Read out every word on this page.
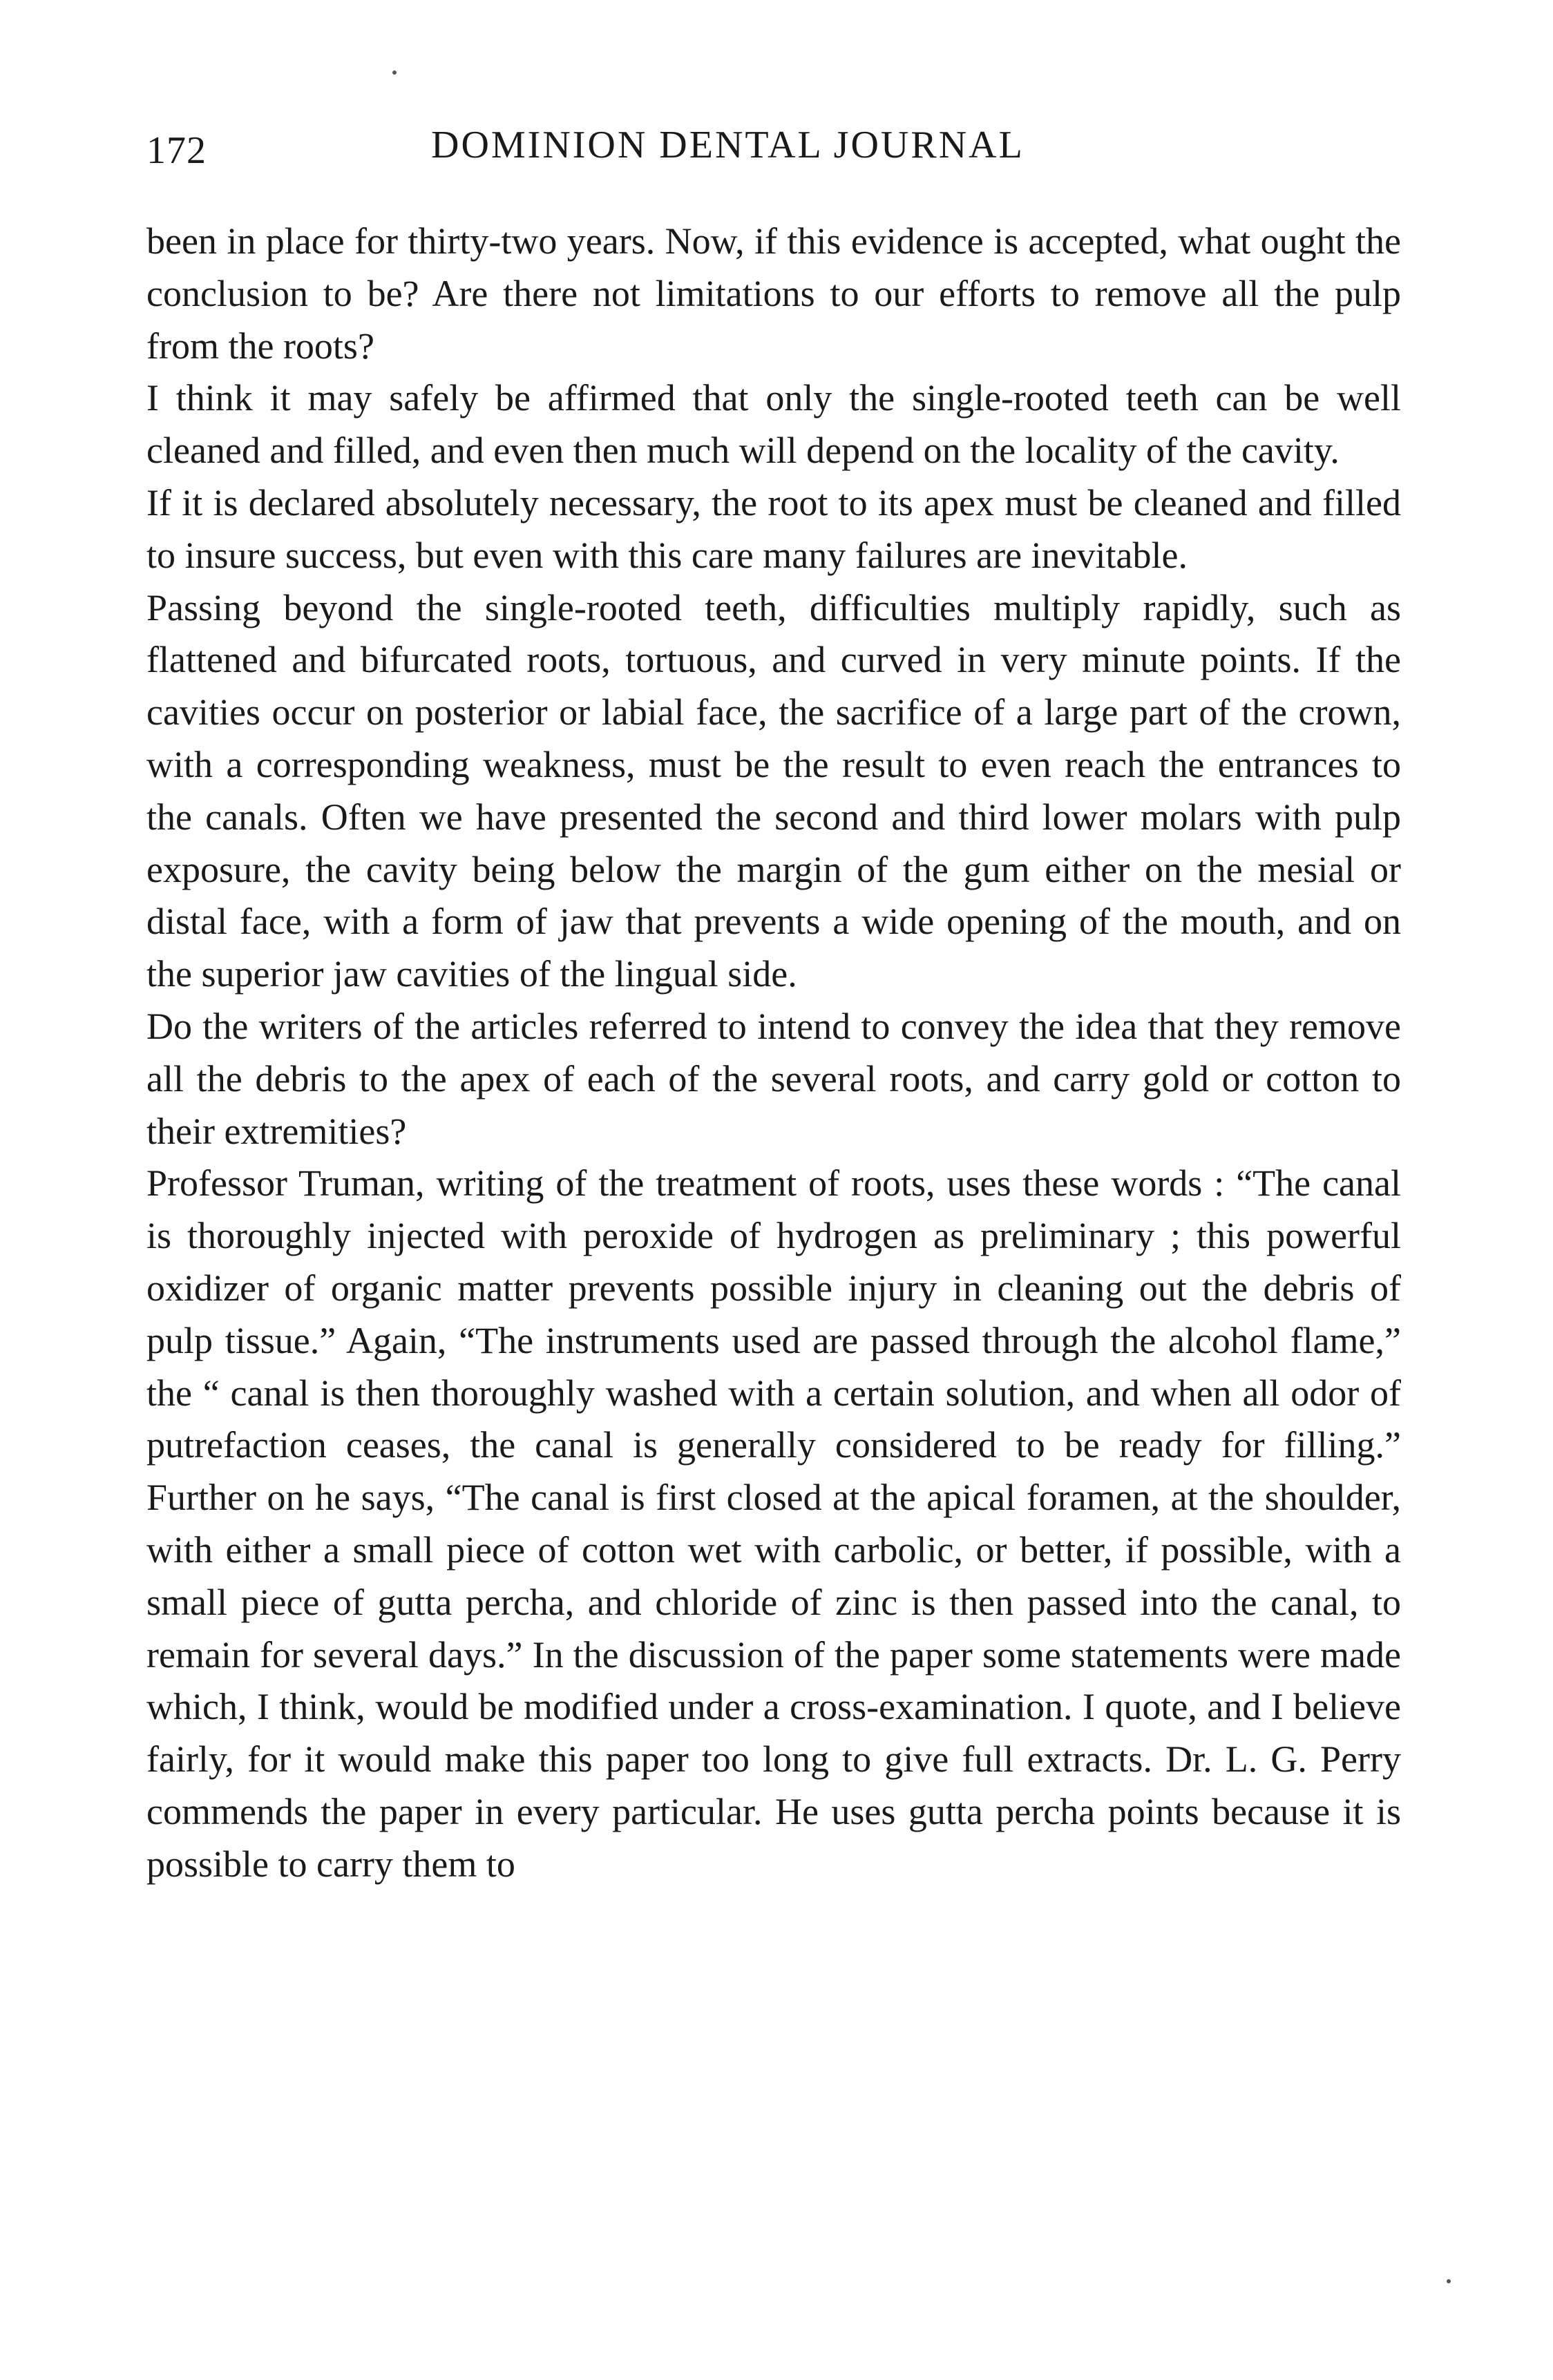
172	DOMINION DENTAL JOURNAL

been in place for thirty-two years. Now, if this evidence is accepted, what ought the conclusion to be? Are there not limitations to our efforts to remove all the pulp from the roots?

I think it may safely be affirmed that only the single-rooted teeth can be well cleaned and filled, and even then much will depend on the locality of the cavity.

If it is declared absolutely necessary, the root to its apex must be cleaned and filled to insure success, but even with this care many failures are inevitable.

Passing beyond the single-rooted teeth, difficulties multiply rapidly, such as flattened and bifurcated roots, tortuous, and curved in very minute points. If the cavities occur on posterior or labial face, the sacrifice of a large part of the crown, with a corresponding weakness, must be the result to even reach the entrances to the canals. Often we have presented the second and third lower molars with pulp exposure, the cavity being below the margin of the gum either on the mesial or distal face, with a form of jaw that prevents a wide opening of the mouth, and on the superior jaw cavities of the lingual side.

Do the writers of the articles referred to intend to convey the idea that they remove all the debris to the apex of each of the several roots, and carry gold or cotton to their extremities?

Professor Truman, writing of the treatment of roots, uses these words : “The canal is thoroughly injected with peroxide of hydrogen as preliminary ; this powerful oxidizer of organic matter prevents possible injury in cleaning out the debris of pulp tissue.” Again, “The instruments used are passed through the alcohol flame,” the “ canal is then thoroughly washed with a certain solution, and when all odor of putrefaction ceases, the canal is generally considered to be ready for filling.” Further on he says, “The canal is first closed at the apical foramen, at the shoulder, with either a small piece of cotton wet with carbolic, or better, if possible, with a small piece of gutta percha, and chloride of zinc is then passed into the canal, to remain for several days.” In the discussion of the paper some statements were made which, I think, would be modified under a cross-examination. I quote, and I believe fairly, for it would make this paper too long to give full extracts. Dr. L. G. Perry commends the paper in every particular. He uses gutta percha points because it is possible to carry them to
